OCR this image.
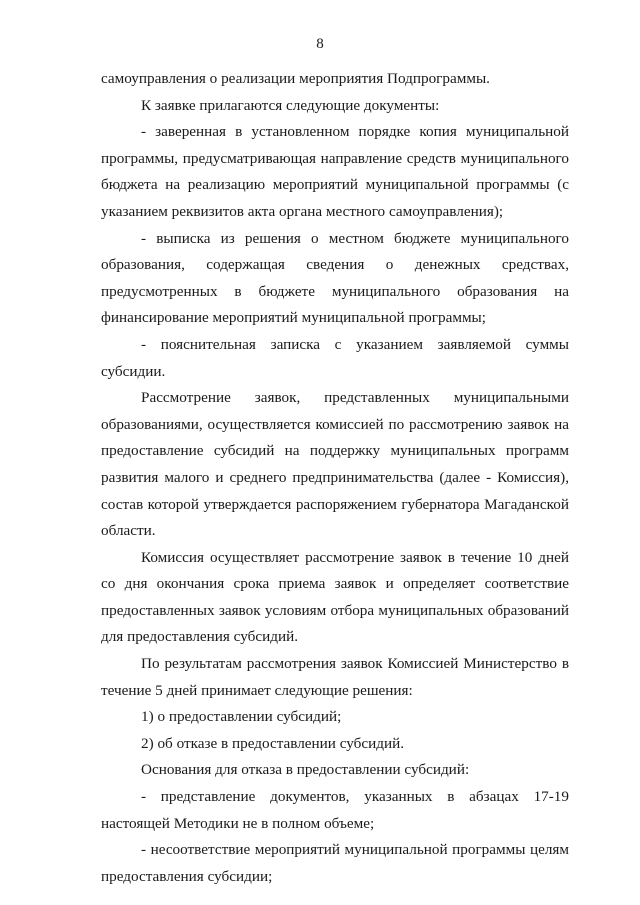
8

самоуправления о реализации мероприятия Подпрограммы.

К заявке прилагаются следующие документы:

- заверенная в установленном порядке копия муниципальной программы, предусматривающая направление средств муниципального бюджета на реализацию мероприятий муниципальной программы (с указанием реквизитов акта органа местного самоуправления);

- выписка из решения о местном бюджете муниципального образования, содержащая сведения о денежных средствах, предусмотренных в бюджете муниципального образования на финансирование мероприятий муниципальной программы;

- пояснительная записка с указанием заявляемой суммы субсидии.

Рассмотрение заявок, представленных муниципальными образованиями, осуществляется комиссией по рассмотрению заявок на предоставление субсидий на поддержку муниципальных программ развития малого и среднего предпринимательства (далее - Комиссия), состав которой утверждается распоряжением губернатора Магаданской области.

Комиссия осуществляет рассмотрение заявок в течение 10 дней со дня окончания срока приема заявок и определяет соответствие предоставленных заявок условиям отбора муниципальных образований для предоставления субсидий.

По результатам рассмотрения заявок Комиссией Министерство в течение 5 дней принимает следующие решения:

1) о предоставлении субсидий;

2) об отказе в предоставлении субсидий.

Основания для отказа в предоставлении субсидий:

- представление документов, указанных в абзацах 17-19 настоящей Методики не в полном объеме;

- несоответствие мероприятий муниципальной программы целям предоставления субсидии;
